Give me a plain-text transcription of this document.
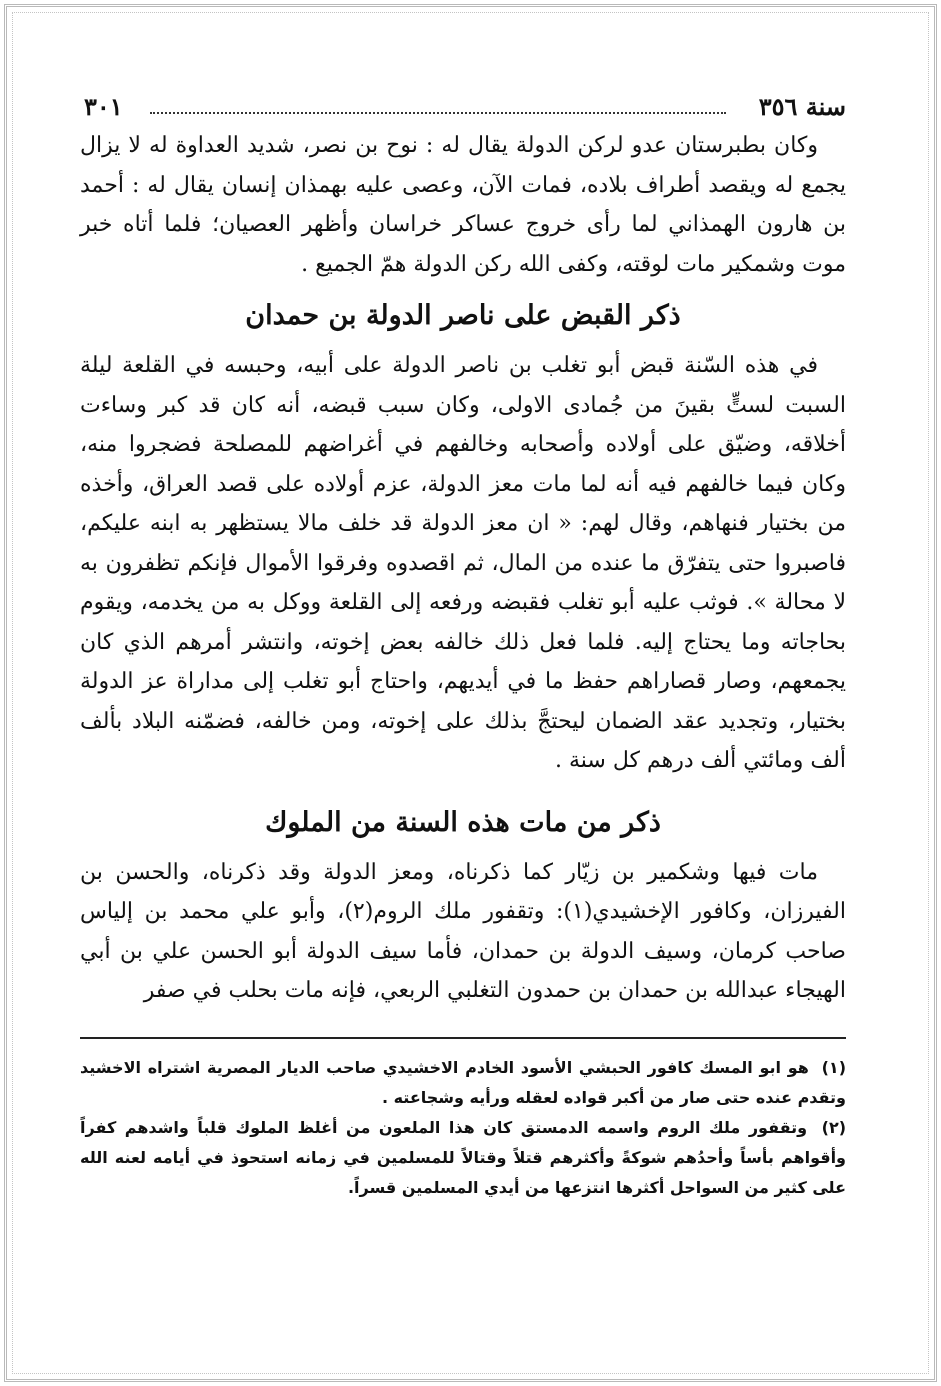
سنة ٣٥٦
٣٠١

وكان بطبرستان عدو لركن الدولة يقال له : نوح بن نصر، شديد العداوة له لا يزال يجمع له ويقصد أطراف بلاده، فمات الآن، وعصى عليه بهمذان إنسان يقال له : أحمد بن هارون الهمذاني لما رأى خروج عساكر خراسان وأظهر العصيان؛ فلما أتاه خبر موت وشمكير مات لوقته، وكفى الله ركن الدولة همّ الجميع .

ذكر القبض على ناصر الدولة بن حمدان

في هذه السّنة قبض أبو تغلب بن ناصر الدولة على أبيه، وحبسه في القلعة ليلة السبت لستٍّ بقينَ من جُمادى الاولى، وكان سبب قبضه، أنه كان قد كبر وساءت أخلاقه، وضيّق على أولاده وأصحابه وخالفهم في أغراضهم للمصلحة فضجروا منه، وكان فيما خالفهم فيه أنه لما مات معز الدولة، عزم أولاده على قصد العراق، وأخذه من بختيار فنهاهم، وقال لهم: « ان معز الدولة قد خلف مالا يستظهر به ابنه عليكم، فاصبروا حتى يتفرّق ما عنده من المال، ثم اقصدوه وفرقوا الأموال فإنكم تظفرون به لا محالة ». فوثب عليه أبو تغلب فقبضه ورفعه إلى القلعة ووكل به من يخدمه، ويقوم بحاجاته وما يحتاج إليه. فلما فعل ذلك خالفه بعض إخوته، وانتشر أمرهم الذي كان يجمعهم، وصار قصاراهم حفظ ما في أيديهم، واحتاج أبو تغلب إلى مداراة عز الدولة بختيار، وتجديد عقد الضمان ليحتجَّ بذلك على إخوته، ومن خالفه، فضمّنه البلاد بألف ألف ومائتي ألف درهم كل سنة .

ذكر من مات هذه السنة من الملوك

مات فيها وشكمير بن زيّار كما ذكرناه، ومعز الدولة وقد ذكرناه، والحسن بن الفيرزان، وكافور الإخشيدي(١): وتقفور ملك الروم(٢)، وأبو علي محمد بن إلياس صاحب كرمان، وسيف الدولة بن حمدان، فأما سيف الدولة أبو الحسن علي بن أبي الهيجاء عبدالله بن حمدان بن حمدون التغلبي الربعي، فإنه مات بحلب في صفر

(١) هو ابو المسك كافور الحبشي الأسود الخادم الاخشيدي صاحب الديار المصرية اشتراه الاخشيد وتقدم عنده حتى صار من أكبر قواده لعقله ورأيه وشجاعته .

(٢) وتقفور ملك الروم واسمه الدمستق كان هذا الملعون من أغلظ الملوك قلباً واشدهم كفراً وأقواهم بأساً وأحدُهم شوكةً وأكثرهم قتلاً وقتالاً للمسلمين في زمانه استحوذ في أيامه لعنه الله على كثير من السواحل أكثرها انتزعها من أيدي المسلمين قسراً.
